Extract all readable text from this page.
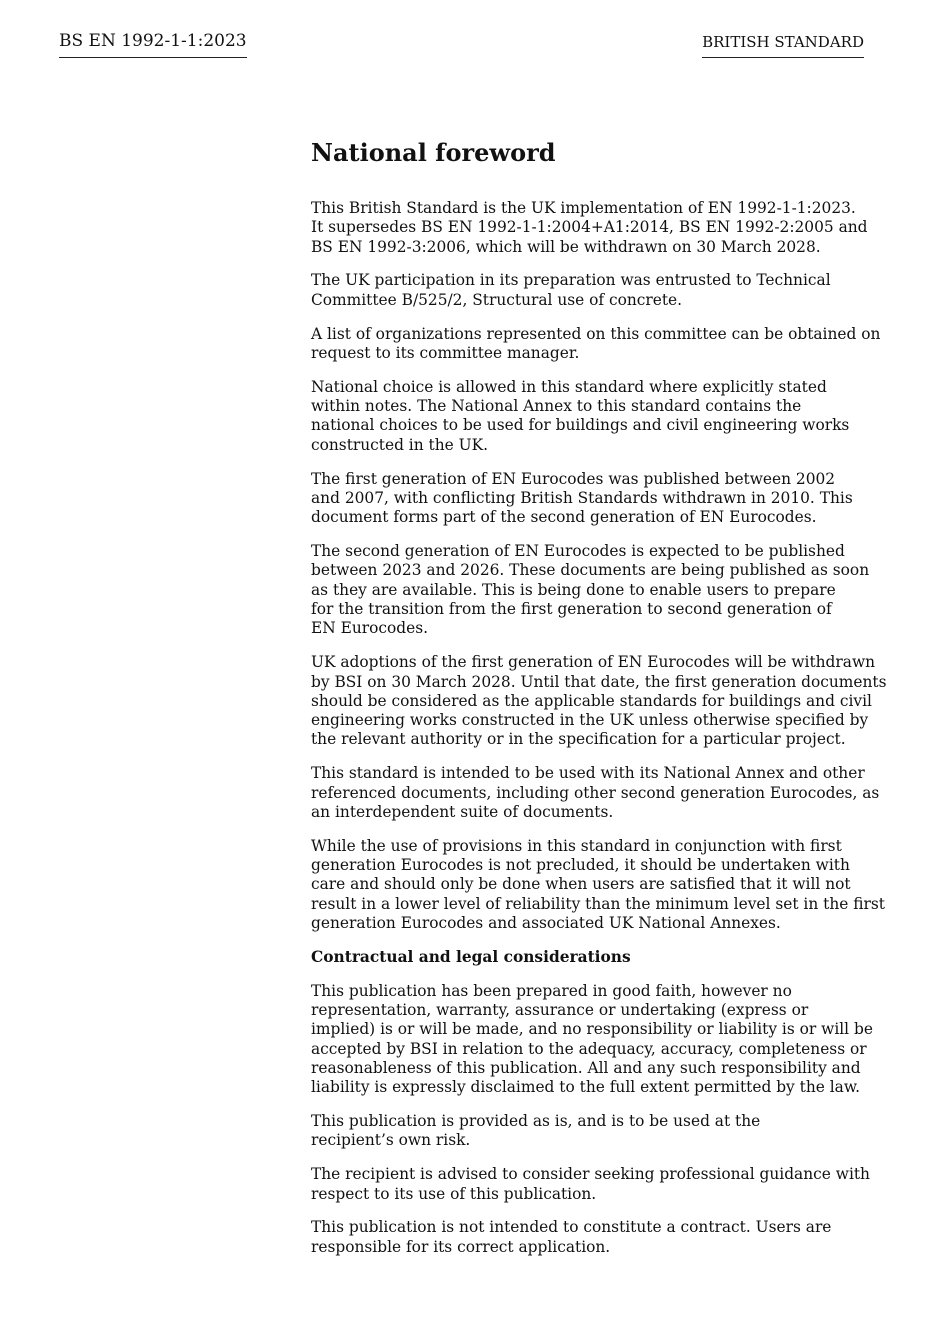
BS EN 1992-1-1:2023	BRITISH STANDARD
National foreword

This British Standard is the UK implementation of EN 1992-1-1:2023.
It supersedes BS EN 1992-1-1:2004+A1:2014, BS EN 1992-2:2005 and
BS EN 1992-3:2006, which will be withdrawn on 30 March 2028.

The UK participation in its preparation was entrusted to Technical
Committee B/525/2, Structural use of concrete.

A list of organizations represented on this committee can be obtained on
request to its committee manager.

National choice is allowed in this standard where explicitly stated
within notes. The National Annex to this standard contains the
national choices to be used for buildings and civil engineering works
constructed in the UK.

The first generation of EN Eurocodes was published between 2002
and 2007, with conflicting British Standards withdrawn in 2010. This
document forms part of the second generation of EN Eurocodes.

The second generation of EN Eurocodes is expected to be published
between 2023 and 2026. These documents are being published as soon
as they are available. This is being done to enable users to prepare
for the transition from the first generation to second generation of
EN Eurocodes.

UK adoptions of the first generation of EN Eurocodes will be withdrawn
by BSI on 30 March 2028. Until that date, the first generation documents
should be considered as the applicable standards for buildings and civil
engineering works constructed in the UK unless otherwise specified by
the relevant authority or in the specification for a particular project.

This standard is intended to be used with its National Annex and other
referenced documents, including other second generation Eurocodes, as
an interdependent suite of documents.

While the use of provisions in this standard in conjunction with first
generation Eurocodes is not precluded, it should be undertaken with
care and should only be done when users are satisfied that it will not
result in a lower level of reliability than the minimum level set in the first
generation Eurocodes and associated UK National Annexes.

Contractual and legal considerations

This publication has been prepared in good faith, however no
representation, warranty, assurance or undertaking (express or
implied) is or will be made, and no responsibility or liability is or will be
accepted by BSI in relation to the adequacy, accuracy, completeness or
reasonableness of this publication. All and any such responsibility and
liability is expressly disclaimed to the full extent permitted by the law.

This publication is provided as is, and is to be used at the
recipient’s own risk.

The recipient is advised to consider seeking professional guidance with
respect to its use of this publication.

This publication is not intended to constitute a contract. Users are
responsible for its correct application.
